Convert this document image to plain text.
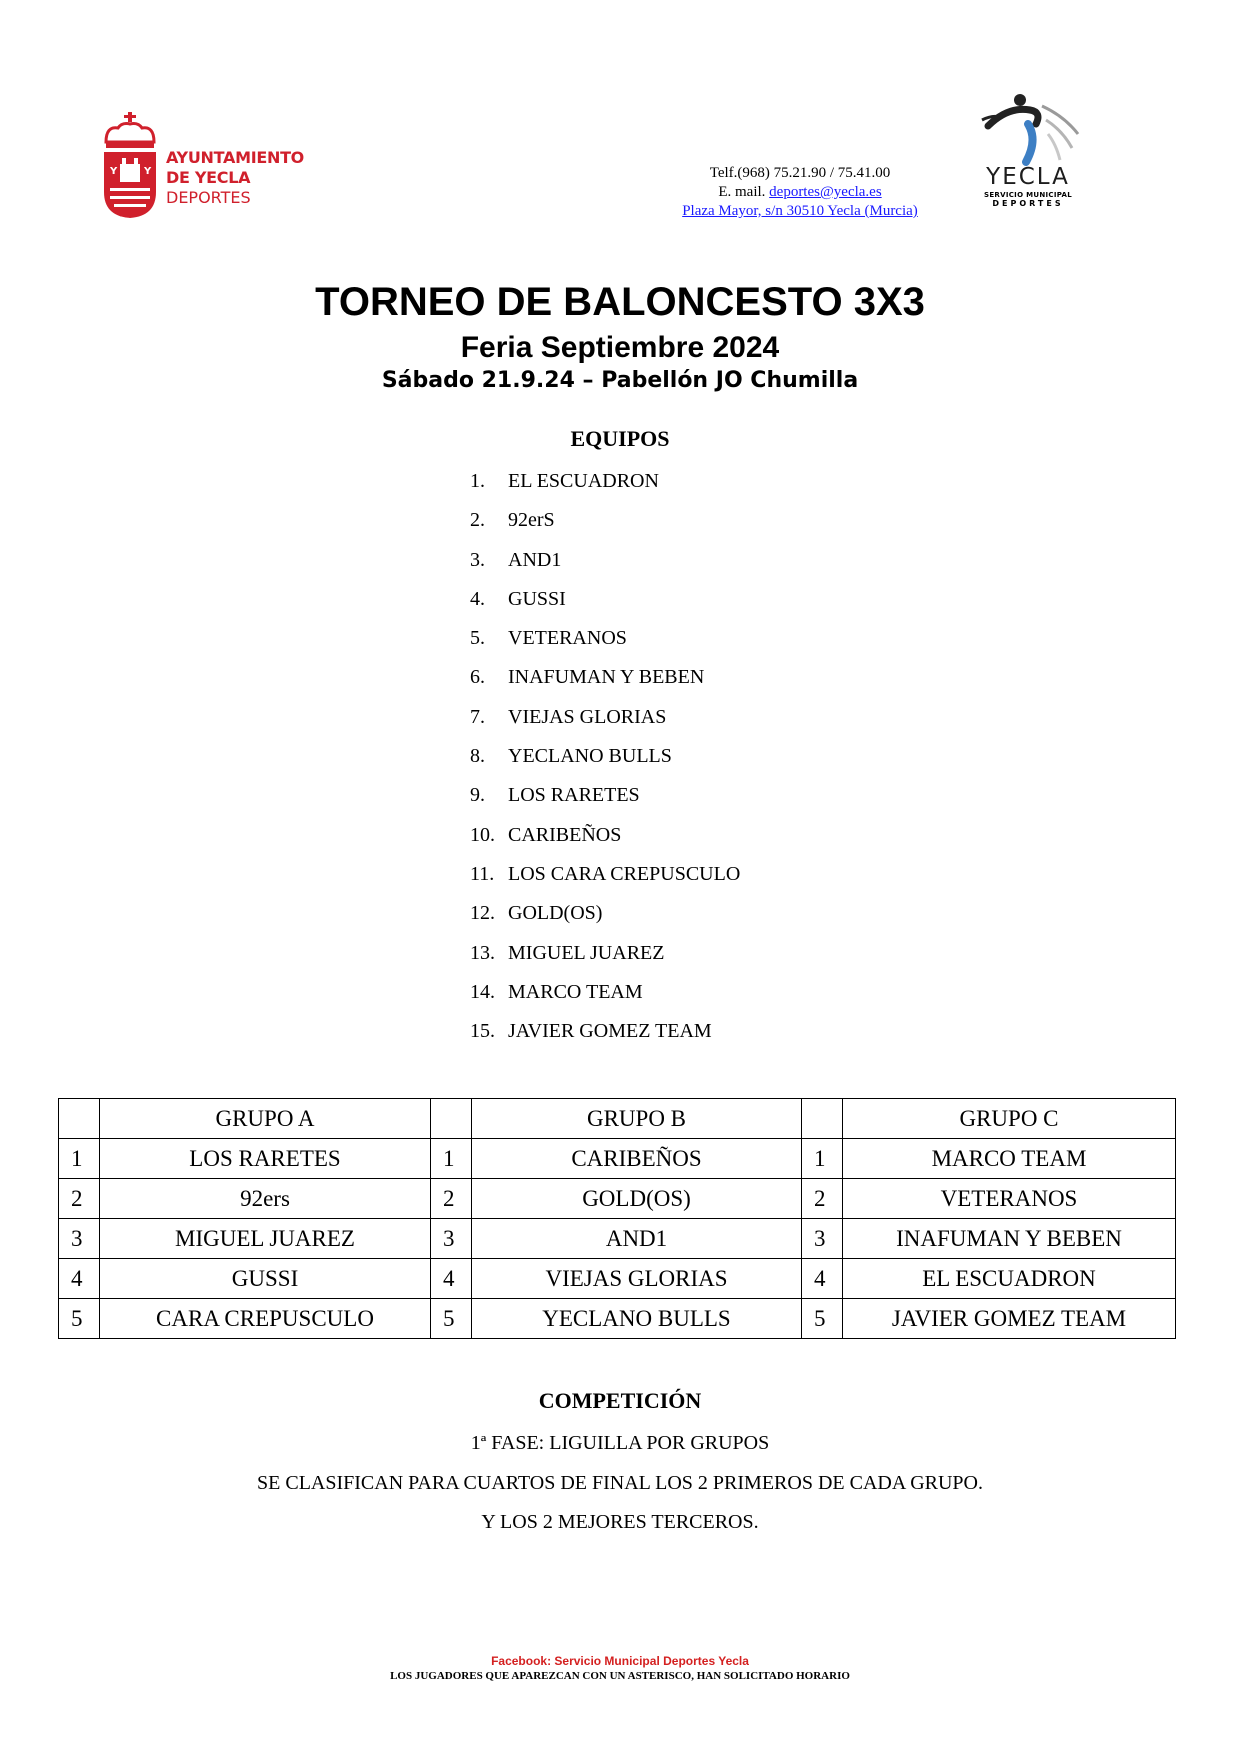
Y	Y
AYUNTAMIENTO
DE YECLA
DEPORTES
Telf.(968) 75.21.90 / 75.41.00
E. mail. deportes@yecla.es
Plaza Mayor, s/n 30510 Yecla (Murcia)
YECLA
SERVICIO MUNICIPAL
DEPORTES
TORNEO DE BALONCESTO 3X3
Feria Septiembre 2024
Sábado 21.9.24 – Pabellón JO Chumilla
EQUIPOS
1. EL ESCUADRON
2. 92erS
3. AND1
4. GUSSI
5. VETERANOS
6. INAFUMAN Y BEBEN
7. VIEJAS GLORIAS
8. YECLANO BULLS
9. LOS RARETES
10. CARIBEÑOS
11. LOS CARA CREPUSCULO
12. GOLD(OS)
13. MIGUEL JUAREZ
14. MARCO TEAM
15. JAVIER GOMEZ TEAM
	GRUPO A		GRUPO B		GRUPO C
1	LOS RARETES	1	CARIBEÑOS	1	MARCO TEAM
2	92ers	2	GOLD(OS)	2	VETERANOS
3	MIGUEL JUAREZ	3	AND1	3	INAFUMAN Y BEBEN
4	GUSSI	4	VIEJAS GLORIAS	4	EL ESCUADRON
5	CARA CREPUSCULO	5	YECLANO BULLS	5	JAVIER GOMEZ TEAM
COMPETICIÓN
1ª FASE: LIGUILLA POR GRUPOS
SE CLASIFICAN PARA CUARTOS DE FINAL LOS 2 PRIMEROS DE CADA GRUPO.
Y LOS 2 MEJORES TERCEROS.
Facebook: Servicio Municipal Deportes Yecla
LOS JUGADORES QUE APAREZCAN CON UN ASTERISCO, HAN SOLICITADO HORARIO
